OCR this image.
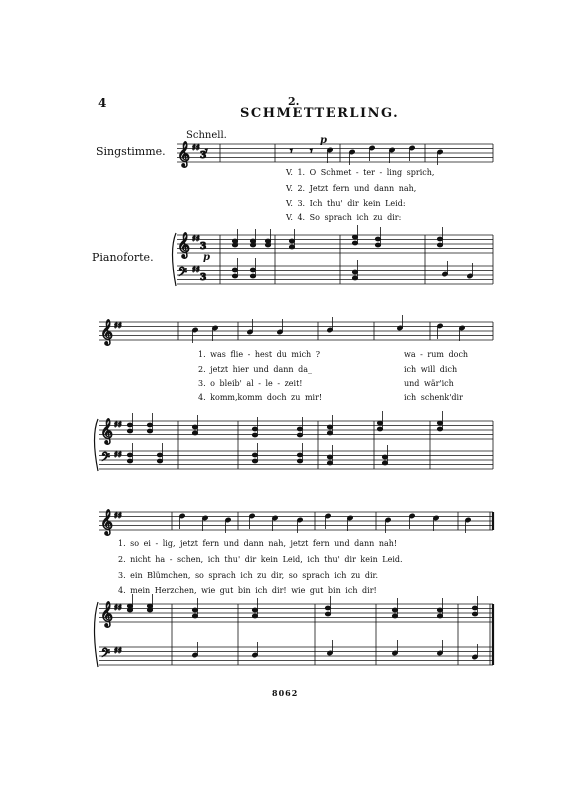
4	2.
SCHMETTERLING.
Schnell.
Singstimme.
Pianoforte.
p
p
V. 1. O Schmet - ter - ling sprich,
V. 2. Jetzt fern und dann nah,
V. 3. Ich thu' dir kein Leid:
V. 4. So sprach ich zu dir:
1. was flie - hest du mich ?
2. jetzt hier und dann da_
3. o bleib' al - le - zeit!
4. komm,komm doch zu mir!
wa - rum doch
ich will dich
und wär'ich
ich schenk'dir
1. so ei - lig, jetzt fern und dann nah, jetzt fern und dann nah!
2. nicht ha - schen, ich thu' dir kein Leid, ich thu' dir kein Leid.
3. ein Blümchen, so sprach ich zu dir, so sprach ich zu dir.
4. mein Herzchen, wie gut bin ich dir! wie gut bin ich dir!
8062
𝄞
𝄞
𝄢
♯♯
♯♯
♯♯
3
3
3
𝄾	𝄾 𝄾
𝄞
𝄞
𝄢
♯♯
♯♯
♯♯
𝄞
𝄞
𝄢
♯♯
♯♯
♯♯
